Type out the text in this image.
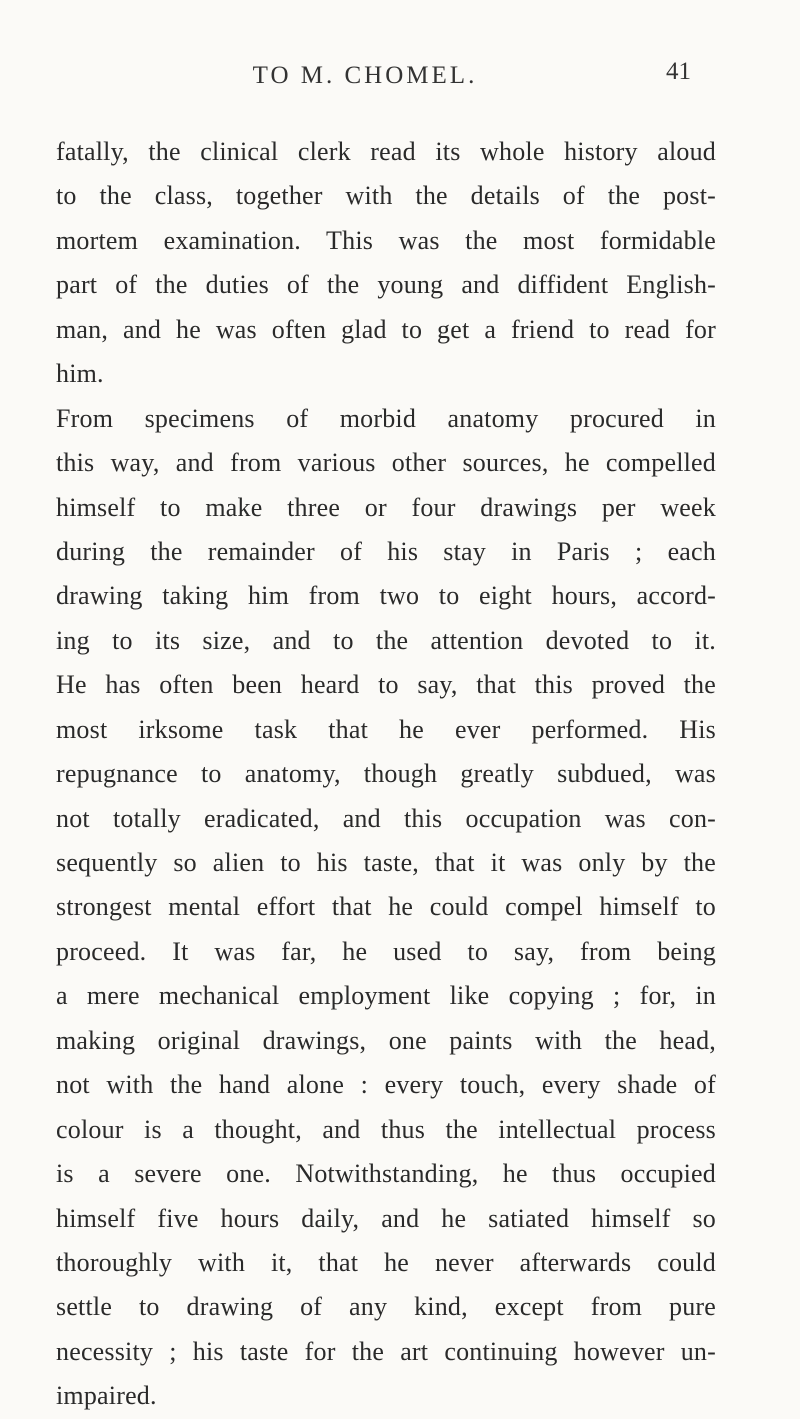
TO M. CHOMEL.	41
fatally, the clinical clerk read its whole history aloud
to the class, together with the details of the post-
mortem examination. This was the most formidable
part of the duties of the young and diffident English-
man, and he was often glad to get a friend to read for
him.
From specimens of morbid anatomy procured in
this way, and from various other sources, he compelled
himself to make three or four drawings per week
during the remainder of his stay in Paris ; each
drawing taking him from two to eight hours, accord-
ing to its size, and to the attention devoted to it.
He has often been heard to say, that this proved the
most irksome task that he ever performed. His
repugnance to anatomy, though greatly subdued, was
not totally eradicated, and this occupation was con-
sequently so alien to his taste, that it was only by the
strongest mental effort that he could compel himself to
proceed. It was far, he used to say, from being
a mere mechanical employment like copying ; for, in
making original drawings, one paints with the head,
not with the hand alone : every touch, every shade of
colour is a thought, and thus the intellectual process
is a severe one. Notwithstanding, he thus occupied
himself five hours daily, and he satiated himself so
thoroughly with it, that he never afterwards could
settle to drawing of any kind, except from pure
necessity ; his taste for the art continuing however un-
impaired.
